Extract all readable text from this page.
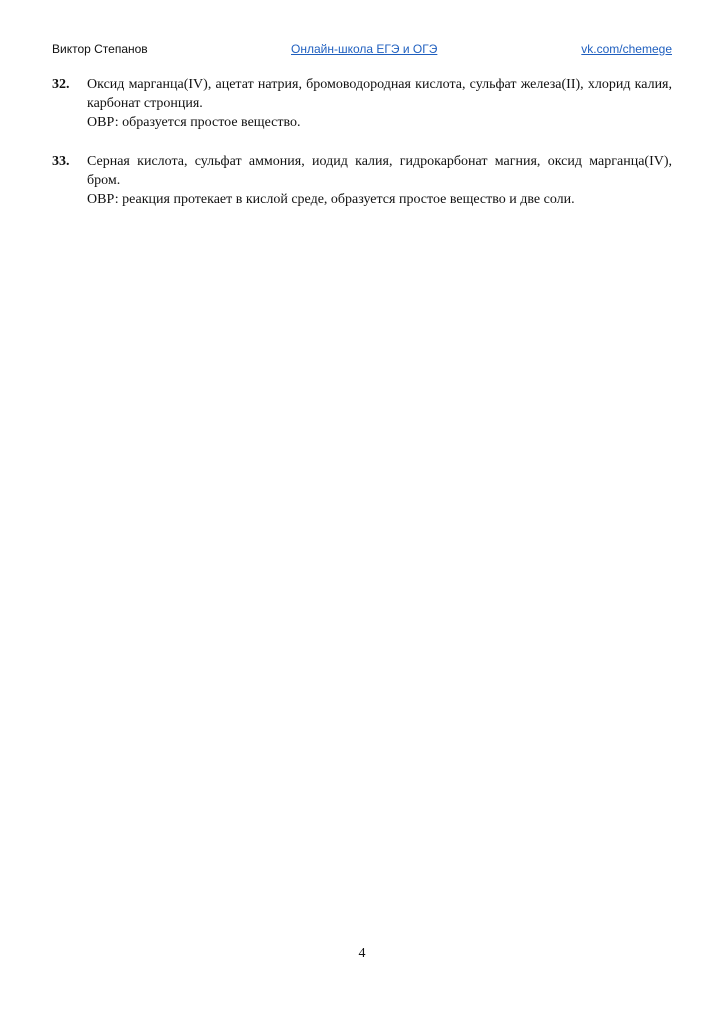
Виктор Степанов	Онлайн-школа ЕГЭ и ОГЭ	vk.com/chemege
32. Оксид марганца(IV), ацетат натрия, бромоводородная кислота, сульфат железа(II), хлорид калия, карбонат стронция.
ОВР: образуется простое вещество.
33. Серная кислота, сульфат аммония, иодид калия, гидрокарбонат магния, оксид марганца(IV), бром.
ОВР: реакция протекает в кислой среде, образуется простое вещество и две соли.
4
